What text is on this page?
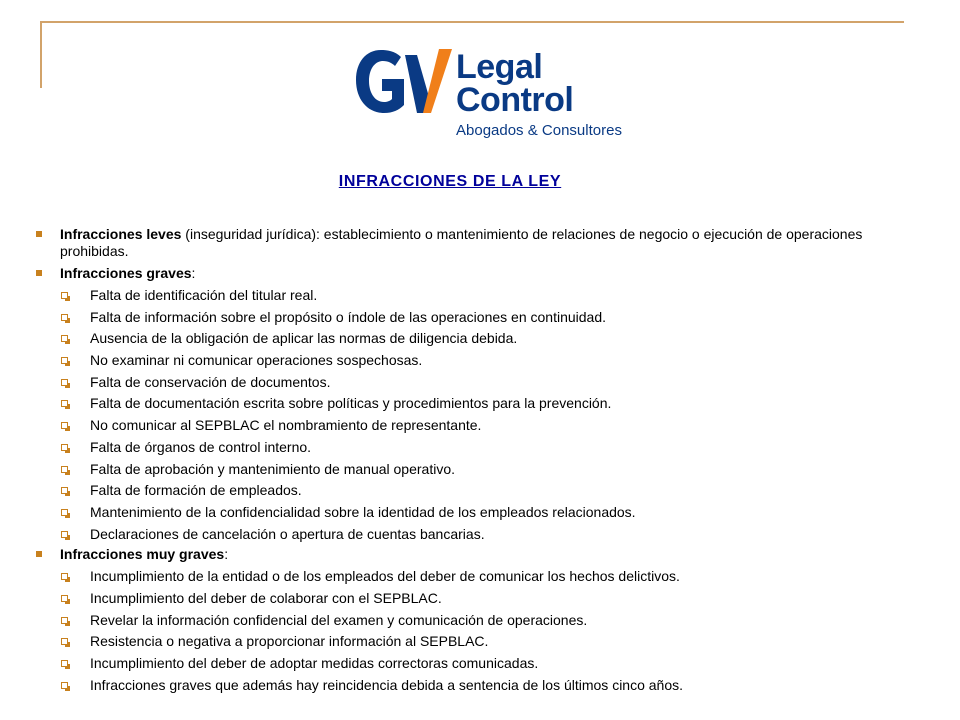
Legal
Control
Abogados & Consultores
INFRACCIONES DE LA LEY
Infracciones leves (inseguridad jurídica): establecimiento o mantenimiento de relaciones de negocio o ejecución de operaciones prohibidas.
Infracciones graves:
Falta de identificación del titular real.
Falta de información sobre el propósito o índole de las operaciones en continuidad.
Ausencia de la obligación de aplicar las normas de diligencia debida.
No examinar ni comunicar operaciones sospechosas.
Falta de conservación de documentos.
Falta de documentación escrita sobre políticas y procedimientos para la prevención.
No comunicar al SEPBLAC el nombramiento de representante.
Falta de órganos de control interno.
Falta de aprobación y mantenimiento de manual operativo.
Falta de formación de empleados.
Mantenimiento de la confidencialidad sobre la identidad de los empleados relacionados.
Declaraciones de cancelación o apertura de cuentas bancarias.
Infracciones muy graves:
Incumplimiento de la entidad o de los empleados del deber de comunicar los hechos delictivos.
Incumplimiento del deber de colaborar con el SEPBLAC.
Revelar la información confidencial del examen y comunicación de operaciones.
Resistencia o negativa a proporcionar información al SEPBLAC.
Incumplimiento del deber de adoptar medidas correctoras comunicadas.
Infracciones graves que además hay reincidencia debida a sentencia de los últimos cinco años.
